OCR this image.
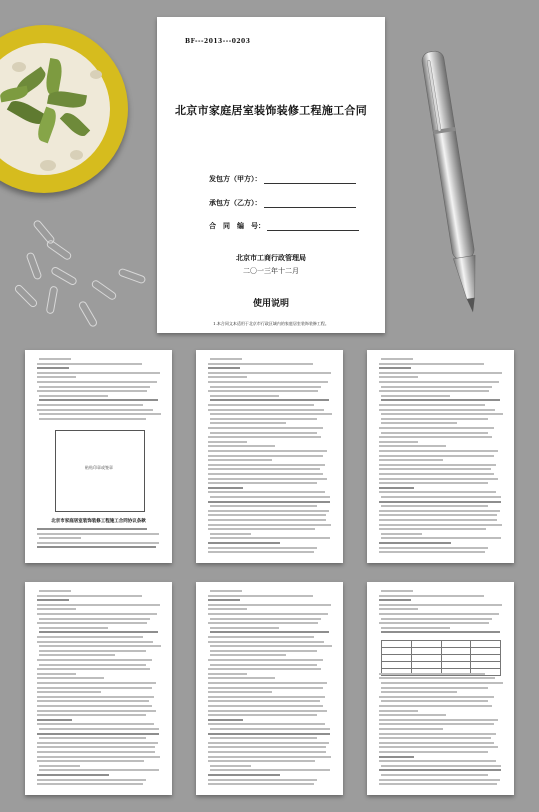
BF---2013---0203
北京市家庭居室装饰装修工程施工合同
发包方（甲方）：
承包方（乙方）：
合　同　编　号：
北京市工商行政管理局
二〇一三年十二月
使用说明
1.本合同文本适用于北京市行政区域内的家庭居室装饰装修工程。
粘贴印章或签章
北京市家庭居室装饰装修工程施工合同协议条款
